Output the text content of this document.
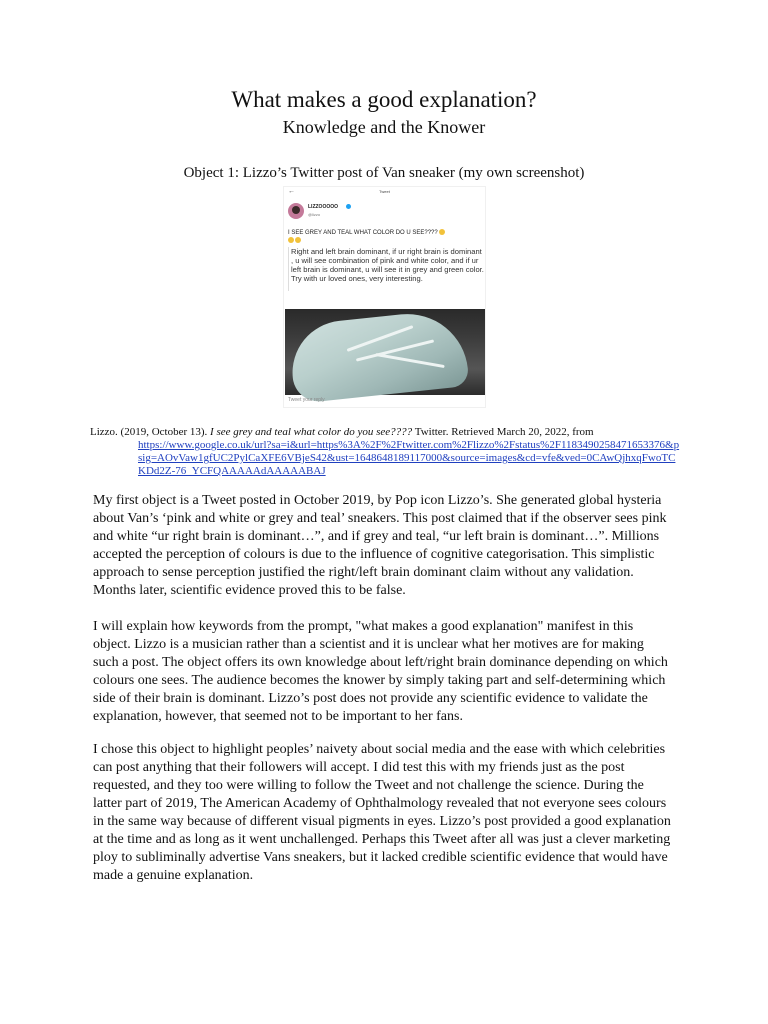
What makes a good explanation?
Knowledge and the Knower
Object 1: Lizzo’s Twitter post of Van sneaker (my own screenshot)
←	Tweet
LIZZOOOOO
@lizzo
I SEE GREY AND TEAL WHAT COLOR DO U SEE????

Right and left brain dominant, if ur right brain is dominant , u will see combination of pink and white color, and if ur left brain is dominant, u will see it in grey and green color. Try with ur loved ones, very interesting.
Tweet your reply
Lizzo. (2019, October 13). I see grey and teal what color do you see???? Twitter. Retrieved March 20, 2022, from
https://www.google.co.uk/url?sa=i&url=https%3A%2F%2Ftwitter.com%2Flizzo%2Fstatus%2F1183490258471653376&psig=AOvVaw1gfUC2PylCaXFE6VBjeS42&ust=1648648189117000&source=images&cd=vfe&ved=0CAwQjhxqFwoTCKDd2Z-76_YCFQAAAAAdAAAAABAJ
My first object is a Tweet posted in October 2019, by Pop icon Lizzo’s. She generated global hysteria about Van’s ‘pink and white or grey and teal’ sneakers. This post claimed that if the observer sees pink and white “ur right brain is dominant…”, and if grey and teal, “ur left brain is dominant…”. Millions accepted the perception of colours is due to the influence of cognitive categorisation. This simplistic approach to sense perception justified the right/left brain dominant claim without any validation. Months later, scientific evidence proved this to be false.
I will explain how keywords from the prompt, "what makes a good explanation" manifest in this object. Lizzo is a musician rather than a scientist and it is unclear what her motives are for making such a post. The object offers its own knowledge about left/right brain dominance depending on which colours one sees. The audience becomes the knower by simply taking part and self-determining which side of their brain is dominant. Lizzo’s post does not provide any scientific evidence to validate the explanation, however, that seemed not to be important to her fans.
I chose this object to highlight peoples’ naivety about social media and the ease with which celebrities can post anything that their followers will accept. I did test this with my friends just as the post requested, and they too were willing to follow the Tweet and not challenge the science. During the latter part of 2019, The American Academy of Ophthalmology revealed that not everyone sees colours in the same way because of different visual pigments in eyes. Lizzo’s post provided a good explanation at the time and as long as it went unchallenged. Perhaps this Tweet after all was just a clever marketing ploy to subliminally advertise Vans sneakers, but it lacked credible scientific evidence that would have made a genuine explanation.
